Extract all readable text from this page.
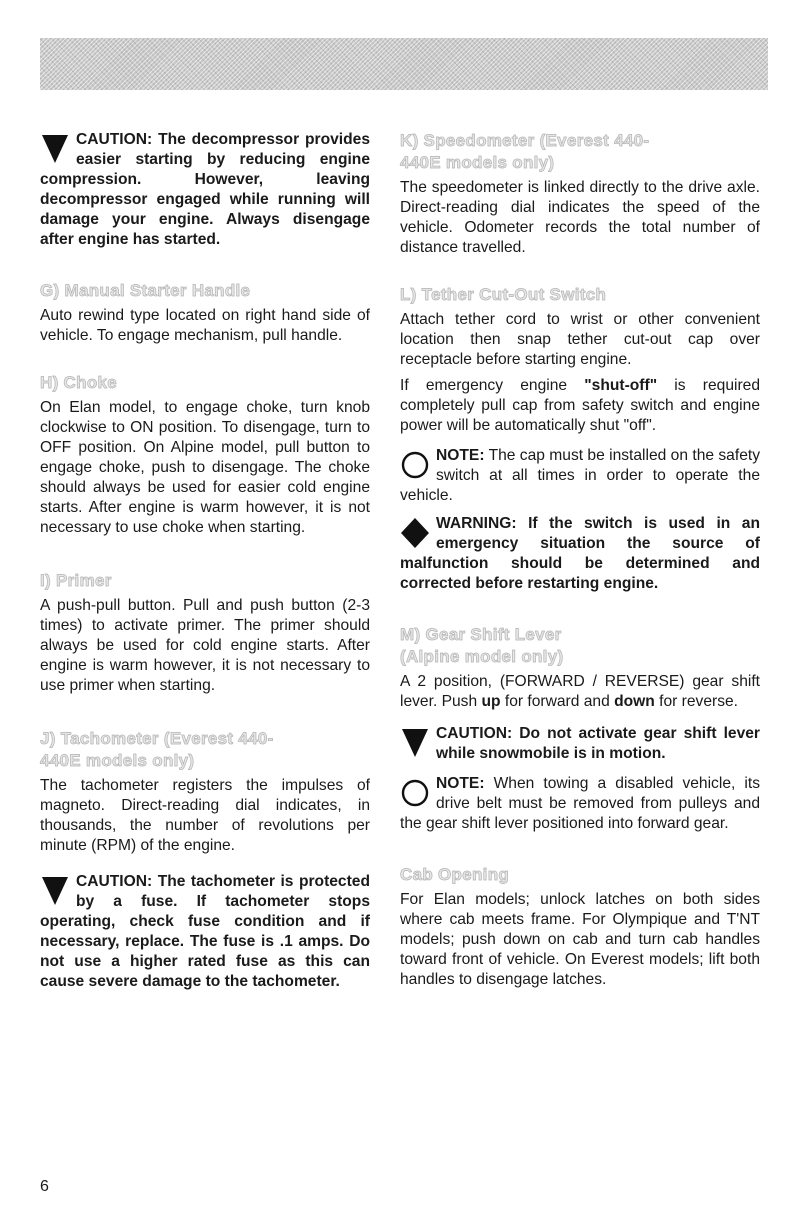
CAUTION: The decompressor provides easier starting by reducing engine compression. However, leaving decompressor engaged while running will damage your engine. Always disengage after engine has started.

G) Manual Starter Handle

Auto rewind type located on right hand side of vehicle. To engage mechanism, pull handle.

H) Choke

On Elan model, to engage choke, turn knob clockwise to ON position. To disengage, turn to OFF position. On Alpine model, pull button to engage choke, push to disengage. The choke should always be used for easier cold engine starts. After engine is warm however, it is not necessary to use choke when starting.

I) Primer

A push-pull button. Pull and push button (2-3 times) to activate primer. The primer should always be used for cold engine starts. After engine is warm however, it is not necessary to use primer when starting.

J) Tachometer (Everest 440-

440E models only)

The tachometer registers the impulses of magneto. Direct-reading dial indicates, in thousands, the number of revolutions per minute (RPM) of the engine.

CAUTION: The tachometer is protected by a fuse. If tachometer stops operating, check fuse condition and if necessary, replace. The fuse is .1 amps. Do not use a higher rated fuse as this can cause severe damage to the tachometer.

K) Speedometer (Everest 440-

440E models only)

The speedometer is linked directly to the drive axle. Direct-reading dial indicates the speed of the vehicle. Odometer records the total number of distance travelled.

L) Tether Cut-Out Switch

Attach tether cord to wrist or other convenient location then snap tether cut-out cap over receptacle before starting engine.

If emergency engine "shut-off" is required completely pull cap from safety switch and engine power will be automatically shut "off".

NOTE: The cap must be installed on the safety switch at all times in order to operate the vehicle.

WARNING: If the switch is used in an emergency situation the source of malfunction should be determined and corrected before restarting engine.

M) Gear Shift Lever

(Alpine model only)

A 2 position, (FORWARD / REVERSE) gear shift lever. Push up for forward and down for reverse.

CAUTION: Do not activate gear shift lever while snowmobile is in motion.

NOTE: When towing a disabled vehicle, its drive belt must be removed from pulleys and the gear shift lever positioned into forward gear.

Cab Opening

For Elan models; unlock latches on both sides where cab meets frame. For Olympique and T'NT models; push down on cab and turn cab handles toward front of vehicle. On Everest models; lift both handles to disengage latches.

6
